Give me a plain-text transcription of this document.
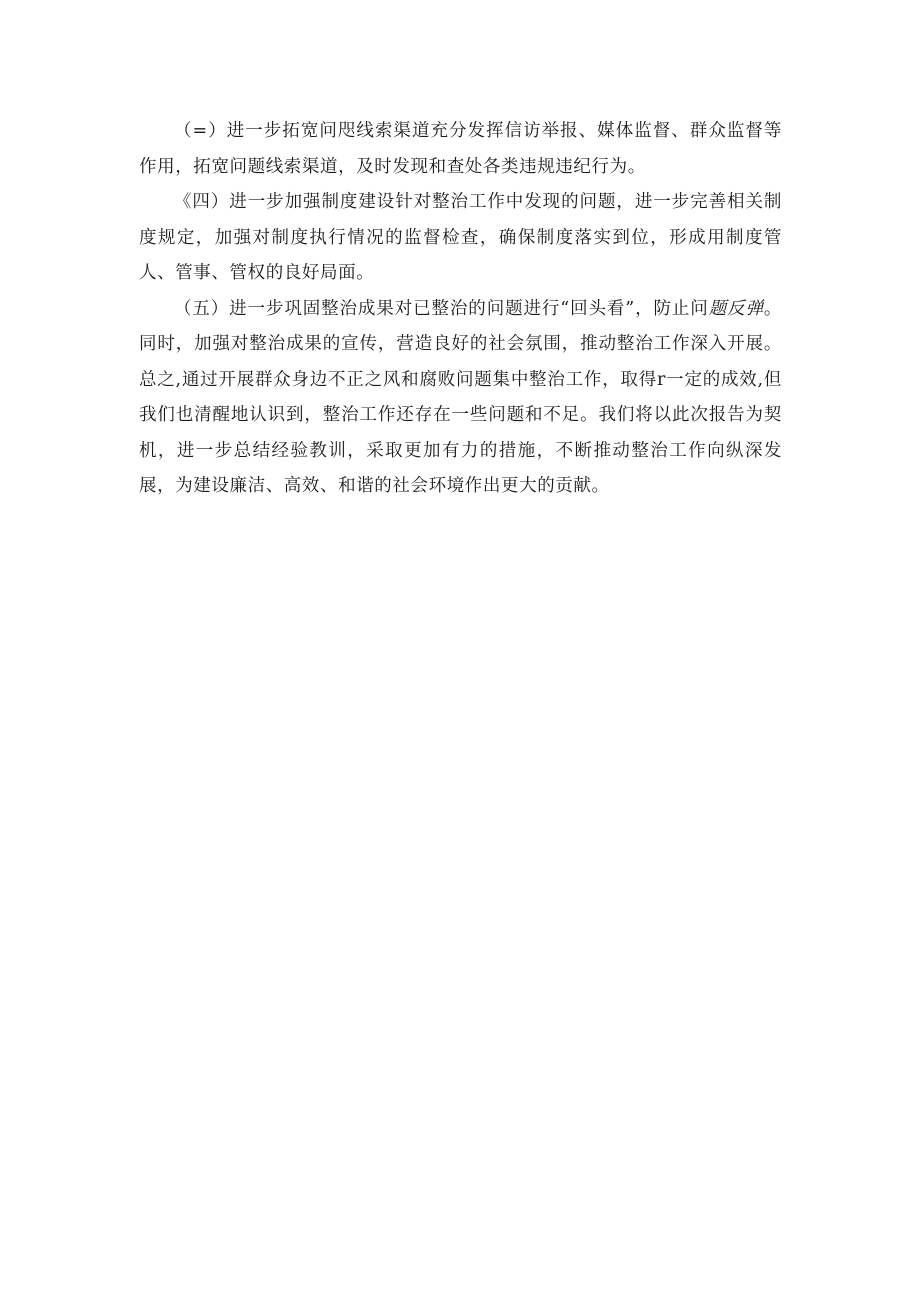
（=）进一步拓宽问咫线索渠道充分发挥信访举报、媒体监督、群众监督等作用，拓宽问题线索渠道，及时发现和查处各类违规违纪行为。

《四）进一步加强制度建设针对整治工作中发现的问题，进一步完善相关制度规定，加强对制度执行情况的监督检查，确保制度落实到位，形成用制度管人、管事、管权的良好局面。

（五）进一步巩固整治成果对已整治的问题进行“回头看”，防止问题反弹。同时，加强对整治成果的宣传，营造良好的社会氛围，推动整治工作深入开展。总之,通过开展群众身边不正之风和腐败问题集中整治工作，取得r一定的成效,但我们也清醒地认识到，整治工作还存在一些问题和不足。我们将以此次报告为契机，进一步总结经验教训，采取更加有力的措施，不断推动整治工作向纵深发展，为建设廉洁、高效、和谐的社会环境作出更大的贡献。
